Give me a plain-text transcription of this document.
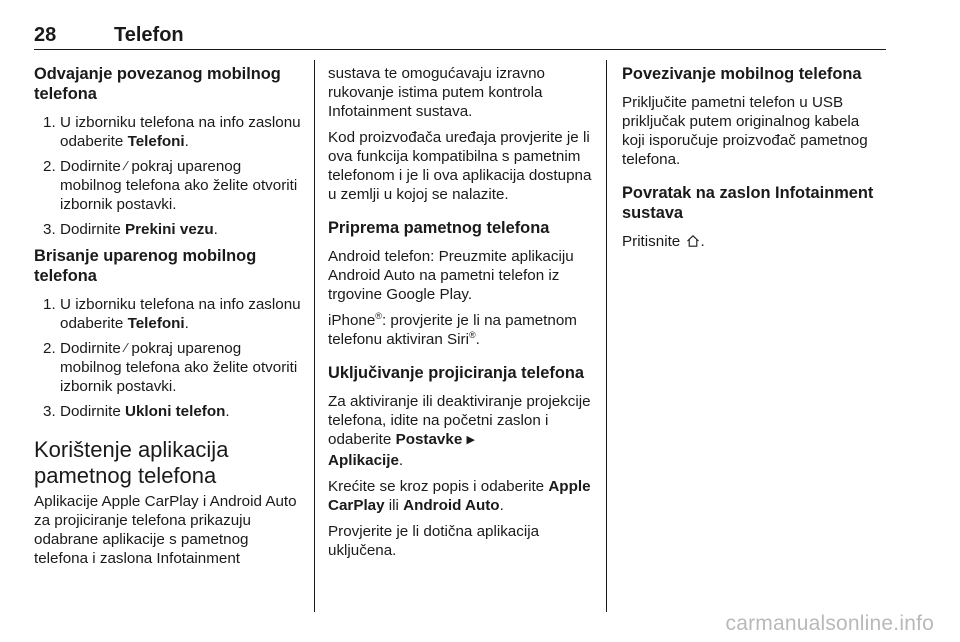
28	Telefon
Odvajanje povezanog mobilnog telefona
1. U izborniku telefona na info zaslonu odaberite Telefoni.
2. Dodirnite ∕ pokraj uparenog mobilnog telefona ako želite otvoriti izbornik postavki.
3. Dodirnite Prekini vezu.
Brisanje uparenog mobilnog telefona
1. U izborniku telefona na info zaslonu odaberite Telefoni.
2. Dodirnite ∕ pokraj uparenog mobilnog telefona ako želite otvoriti izbornik postavki.
3. Dodirnite Ukloni telefon.
Korištenje aplikacija pametnog telefona

Aplikacije Apple CarPlay i Android Auto za projiciranje telefona prikazuju odabrane aplikacije s pametnog telefona i zaslona Infotainment

sustava te omogućavaju izravno rukovanje istima putem kontrola Infotainment sustava.

Kod proizvođača uređaja provjerite je li ova funkcija kompatibilna s pametnim telefonom i je li ova aplikacija dostupna u zemlji u kojoj se nalazite.

Priprema pametnog telefona

Android telefon: Preuzmite aplikaciju Android Auto na pametni telefon iz trgovine Google Play.

iPhone®: provjerite je li na pametnom telefonu aktiviran Siri®.

Uključivanje projiciranja telefona

Za aktiviranje ili deaktiviranje projekcije telefona, idite na početni zaslon i odaberite Postavke ▶
Aplikacije.

Krećite se kroz popis i odaberite Apple CarPlay ili Android Auto.

Provjerite je li dotična aplikacija uključena.

Povezivanje mobilnog telefona

Priključite pametni telefon u USB priključak putem originalnog kabela koji isporučuje proizvođač pametnog telefona.

Povratak na zaslon Infotainment sustava

Pritisnite .

carmanualsonline.info
